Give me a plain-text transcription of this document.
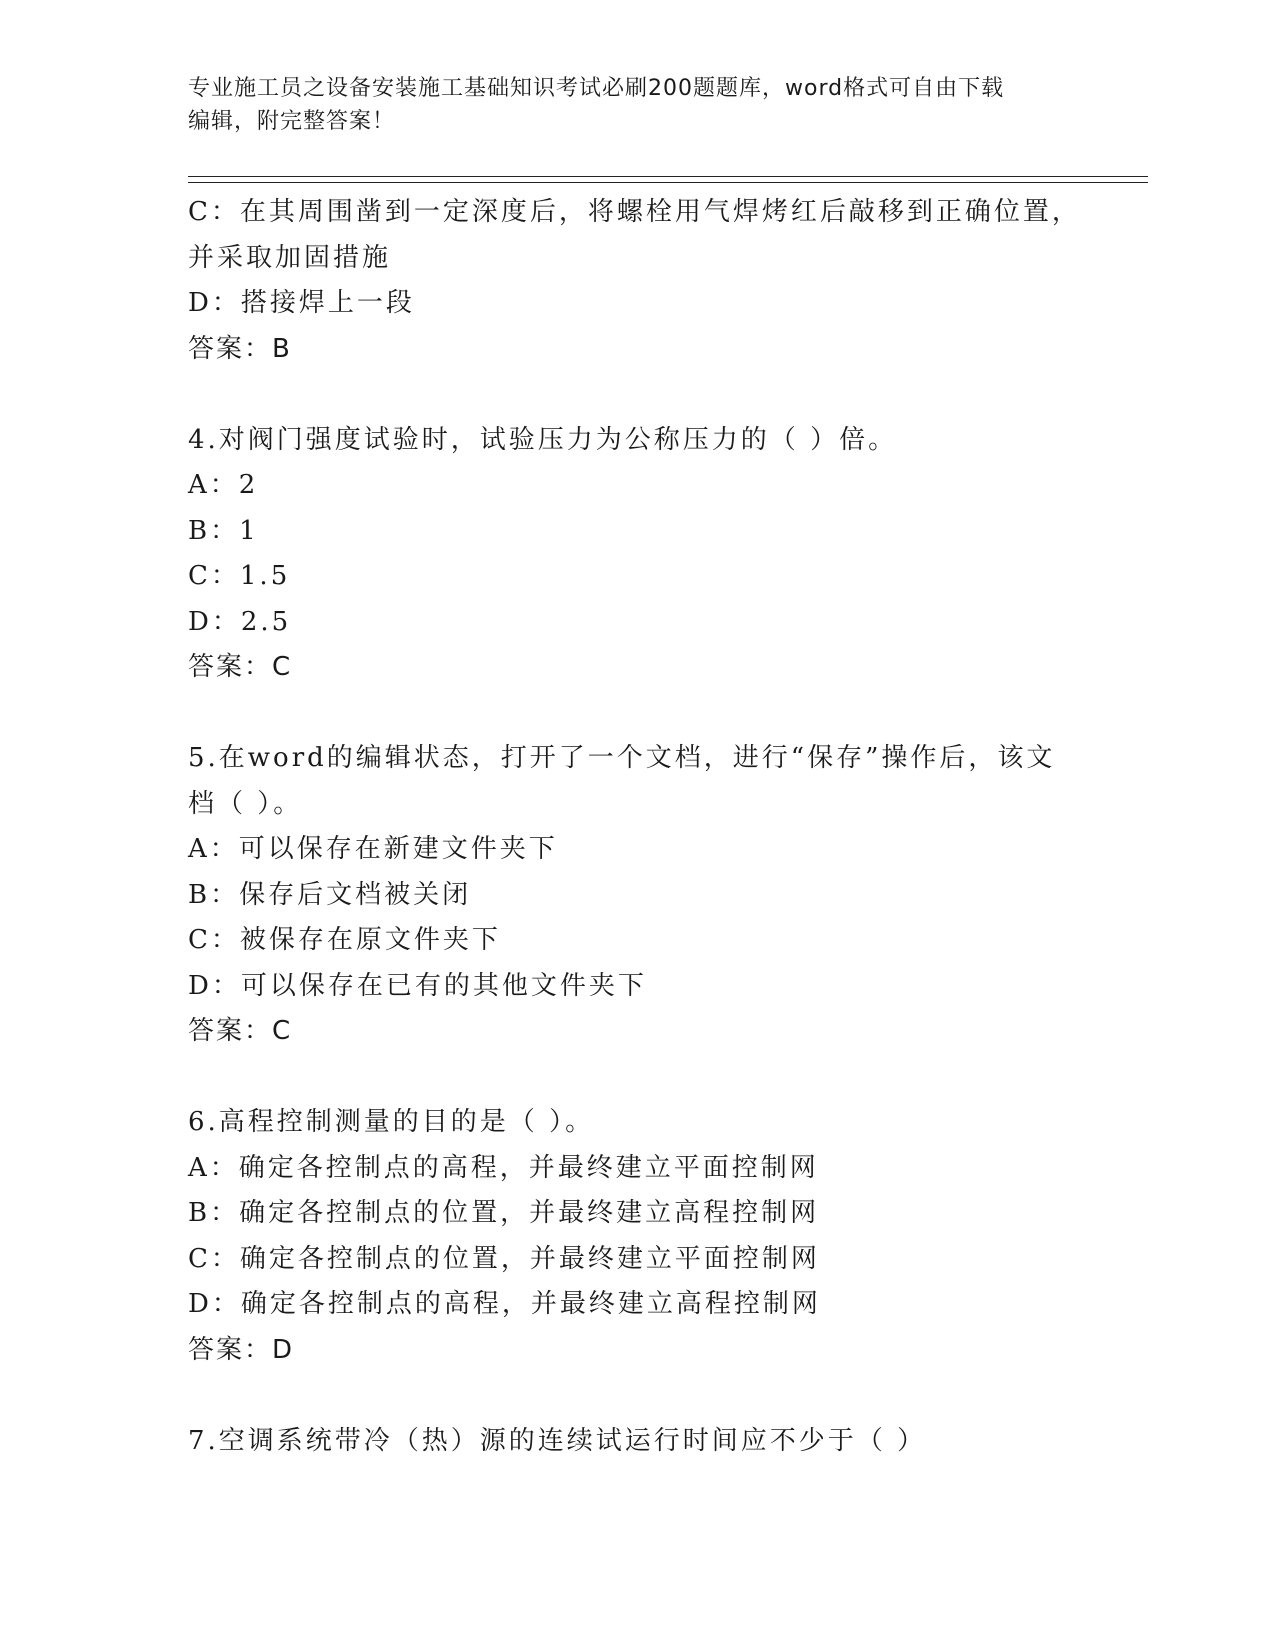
专业施工员之设备安装施工基础知识考试必刷200题题库，word格式可自由下载
编辑，附完整答案！
C：在其周围凿到一定深度后，将螺栓用气焊烤红后敲移到正确位置，
并采取加固措施
D：搭接焊上一段
答案：B
4.对阀门强度试验时，试验压力为公称压力的（ ）倍。
A：2
B：1
C：1.5
D：2.5
答案：C
5.在word的编辑状态，打开了一个文档，进行“保存”操作后，该文
档（ ）。
A：可以保存在新建文件夹下
B：保存后文档被关闭
C：被保存在原文件夹下
D：可以保存在已有的其他文件夹下
答案：C
6.高程控制测量的目的是（ ）。
A：确定各控制点的高程，并最终建立平面控制网
B：确定各控制点的位置，并最终建立高程控制网
C：确定各控制点的位置，并最终建立平面控制网
D：确定各控制点的高程，并最终建立高程控制网
答案：D
7.空调系统带冷（热）源的连续试运行时间应不少于（ ）
